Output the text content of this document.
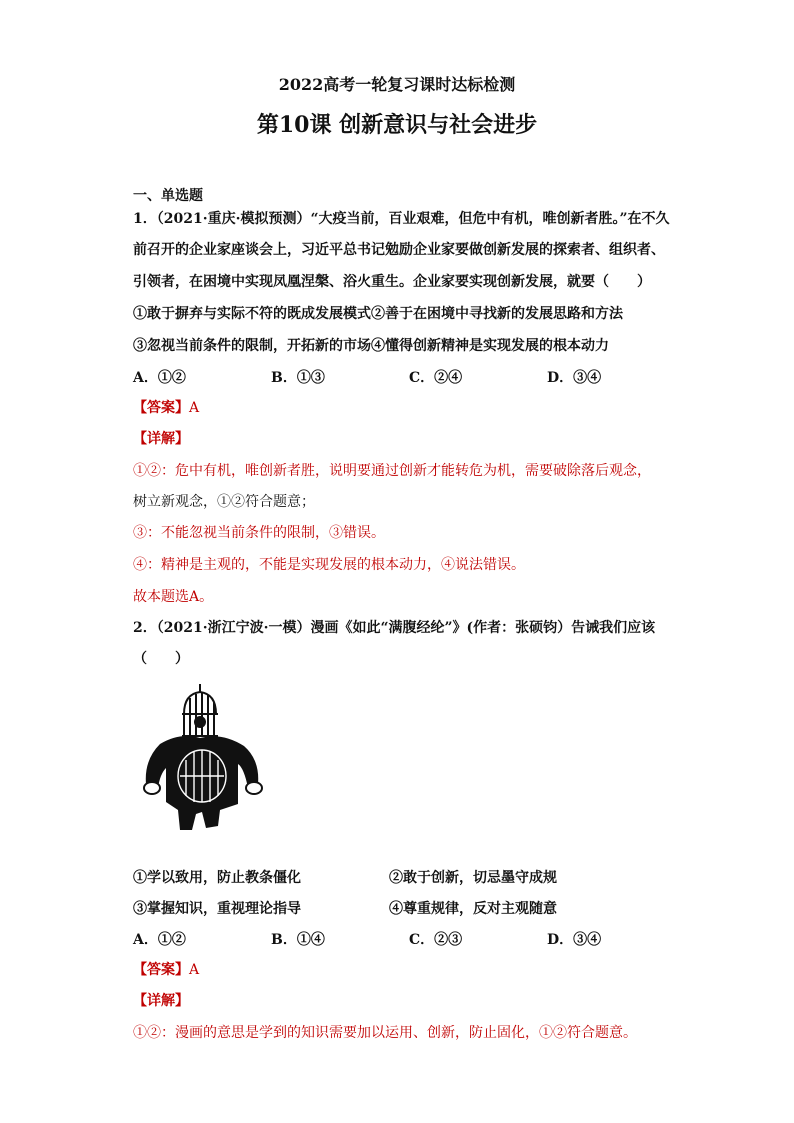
2022高考一轮复习课时达标检测
第10课 创新意识与社会进步
一、单选题
1．（2021·重庆·模拟预测）“大疫当前，百业艰难，但危中有机，唯创新者胜。”在不久
前召开的企业家座谈会上，习近平总书记勉励企业家要做创新发展的探索者、组织者、
引领者，在困境中实现凤凰涅槃、浴火重生。企业家要实现创新发展，就要（　　）
①敢于摒弃与实际不符的既成发展模式②善于在困境中寻找新的发展思路和方法
③忽视当前条件的限制，开拓新的市场④懂得创新精神是实现发展的根本动力
A．①②	B．①③	C．②④	D．③④
【答案】A
【详解】
①②：危中有机，唯创新者胜，说明要通过创新才能转危为机，需要破除落后观念，
树立新观念，①②符合题意；
③：不能忽视当前条件的限制，③错误。
④：精神是主观的，不能是实现发展的根本动力，④说法错误。
故本题选A。
2．（2021·浙江宁波·一模）漫画《如此“满腹经纶”》(作者：张硕钧）告诫我们应该
（　　）
①学以致用，防止教条僵化	②敢于创新，切忌墨守成规
③掌握知识，重视理论指导	④尊重规律，反对主观随意
A．①②	B．①④	C．②③	D．③④
【答案】A
【详解】
①②：漫画的意思是学到的知识需要加以运用、创新，防止固化，①②符合题意。
